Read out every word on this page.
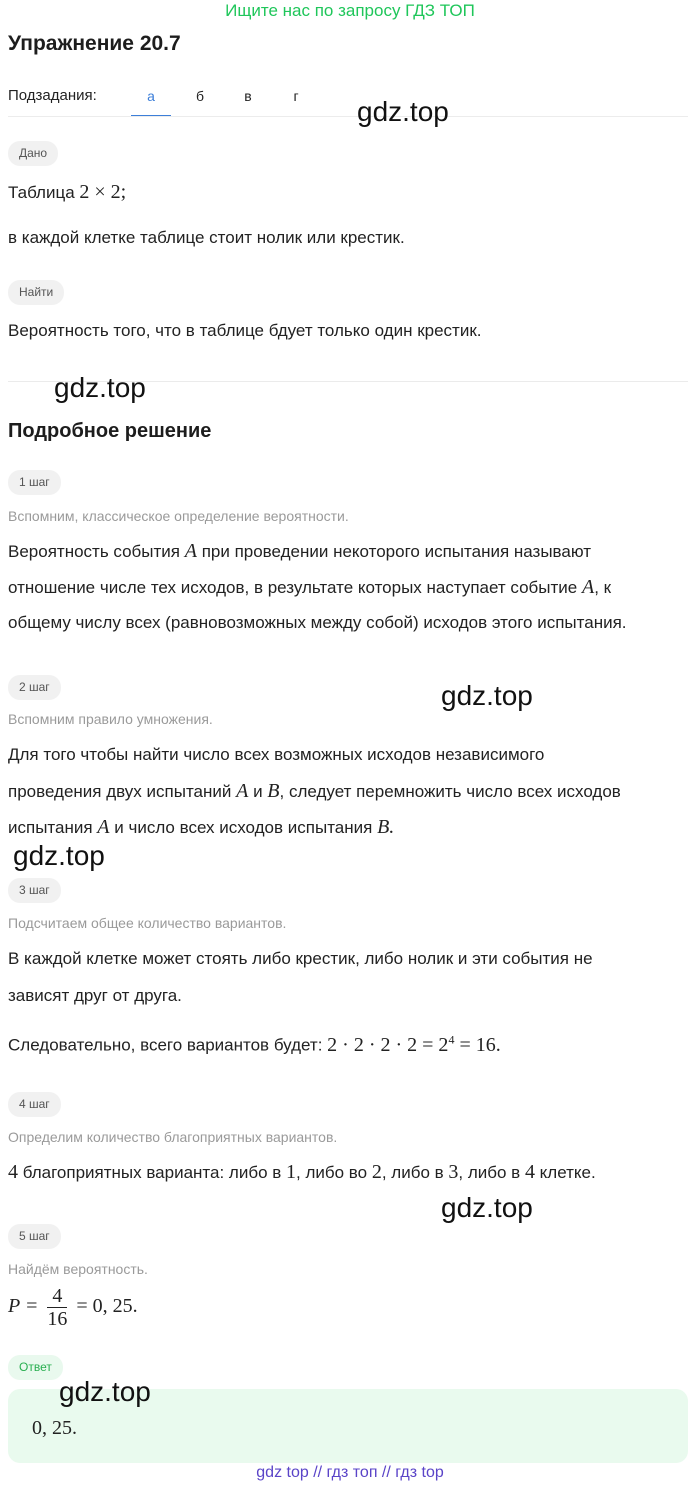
Ищите нас по запросу ГДЗ ТОП
Упражнение 20.7
Подзадания:	а	б	в	г	gdz.top
Дано
Таблица 2 × 2;
в каждой клетке таблице стоит нолик или крестик.
Найти
Вероятность того, что в таблице бдует только один крестик.
gdz.top
Подробное решение
1 шаг
Вспомним, классическое определение вероятности.
Вероятность события A при проведении некоторого испытания называют
отношение числе тех исходов, в результате которых наступает событие A, к
общему числу всех (равновозможных между собой) исходов этого испытания.
2 шаг	gdz.top
Вспомним правило умножения.
Для того чтобы найти число всех возможных исходов независимого
проведения двух испытаний A и B, следует перемножить число всех исходов
испытания A и число всех исходов испытания B.
gdz.top
3 шаг
Подсчитаем общее количество вариантов.
В каждой клетке может стоять либо крестик, либо нолик и эти события не
зависят друг от друга.
Следовательно, всего вариантов будет: $2 \cdot 2 \cdot 2 \cdot 2 = 2^4 = 16$.
4 шаг
Определим количество благоприятных вариантов.
4 благоприятных варианта: либо в 1, либо во 2, либо в 3, либо в 4 клетке.
gdz.top
5 шаг
Найдём вероятность.
$P = \frac{4}{16} = 0$, 25.
Ответ
gdz.top
0, 25.
gdz top // гдз топ // гдз top
